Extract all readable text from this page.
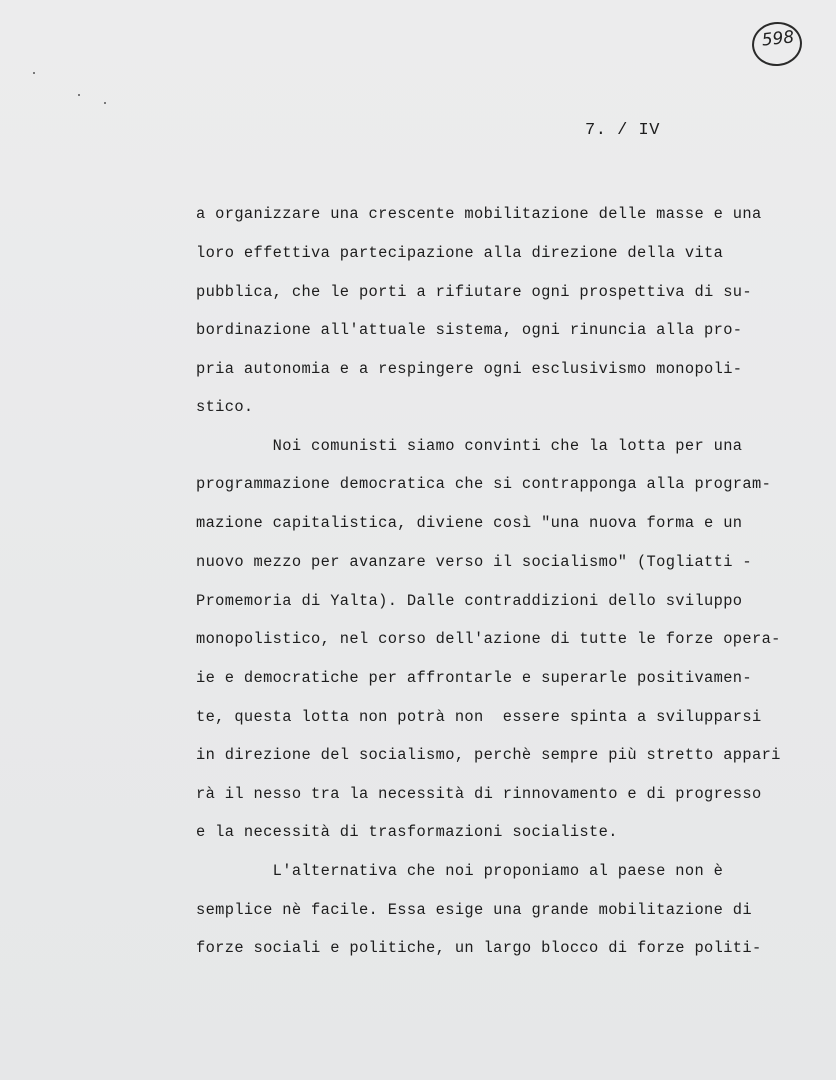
598
7. / IV
a organizzare una crescente mobilitazione delle masse e una
loro effettiva partecipazione alla direzione della vita
pubblica, che le porti a rifiutare ogni prospettiva di su-
bordinazione all'attuale sistema, ogni rinuncia alla pro-
pria autonomia e a respingere ogni esclusivismo monopoli-
stico.
Noi comunisti siamo convinti che la lotta per una
programmazione democratica che si contrapponga alla program-
mazione capitalistica, diviene così "una nuova forma e un
nuovo mezzo per avanzare verso il socialismo" (Togliatti -
Promemoria di Yalta). Dalle contraddizioni dello sviluppo
monopolistico, nel corso dell'azione di tutte le forze opera-
ie e democratiche per affrontarle e superarle positivamen-
te, questa lotta non potrà non  essere spinta a svilupparsi
in direzione del socialismo, perchè sempre più stretto appari
rà il nesso tra la necessità di rinnovamento e di progresso
e la necessità di trasformazioni socialiste.
L'alternativa che noi proponiamo al paese non è
semplice nè facile. Essa esige una grande mobilitazione di
forze sociali e politiche, un largo blocco di forze politi-
